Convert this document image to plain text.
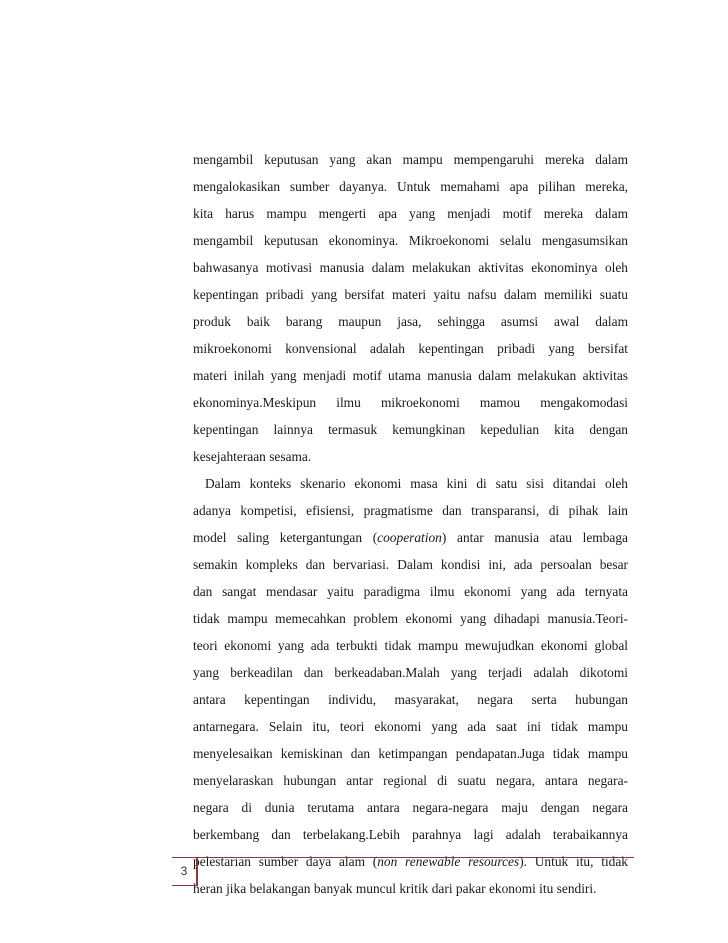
mengambil keputusan yang akan mampu mempengaruhi mereka dalam
mengalokasikan sumber dayanya. Untuk memahami apa pilihan mereka,
kita harus mampu mengerti apa yang menjadi motif mereka dalam
mengambil keputusan ekonominya. Mikroekonomi selalu mengasumsikan
bahwasanya motivasi manusia dalam melakukan aktivitas ekonominya oleh
kepentingan pribadi yang bersifat materi yaitu nafsu dalam memiliki suatu
produk baik barang maupun jasa, sehingga asumsi awal dalam
mikroekonomi konvensional adalah kepentingan pribadi yang bersifat
materi inilah yang menjadi motif utama manusia dalam melakukan aktivitas
ekonominya.Meskipun ilmu mikroekonomi mamou mengakomodasi
kepentingan lainnya termasuk kemungkinan kepedulian kita dengan
kesejahteraan sesama.
Dalam konteks skenario ekonomi masa kini di satu sisi ditandai oleh
adanya kompetisi, efisiensi, pragmatisme dan transparansi, di pihak lain
model saling ketergantungan (cooperation) antar manusia atau lembaga
semakin kompleks dan bervariasi. Dalam kondisi ini, ada persoalan besar
dan sangat mendasar yaitu paradigma ilmu ekonomi yang ada ternyata
tidak mampu memecahkan problem ekonomi yang dihadapi manusia.Teori-
teori ekonomi yang ada terbukti tidak mampu mewujudkan ekonomi global
yang berkeadilan dan berkeadaban.Malah yang terjadi adalah dikotomi
antara kepentingan individu, masyarakat, negara serta hubungan
antarnegara. Selain itu, teori ekonomi yang ada saat ini tidak mampu
menyelesaikan kemiskinan dan ketimpangan pendapatan.Juga tidak mampu
menyelaraskan hubungan antar regional di suatu negara, antara negara-
negara di dunia terutama antara negara-negara maju dengan negara
berkembang dan terbelakang.Lebih parahnya lagi adalah terabaikannya
pelestarian sumber daya alam (non renewable resources). Untuk itu, tidak
heran jika belakangan banyak muncul kritik dari pakar ekonomi itu sendiri.
3
